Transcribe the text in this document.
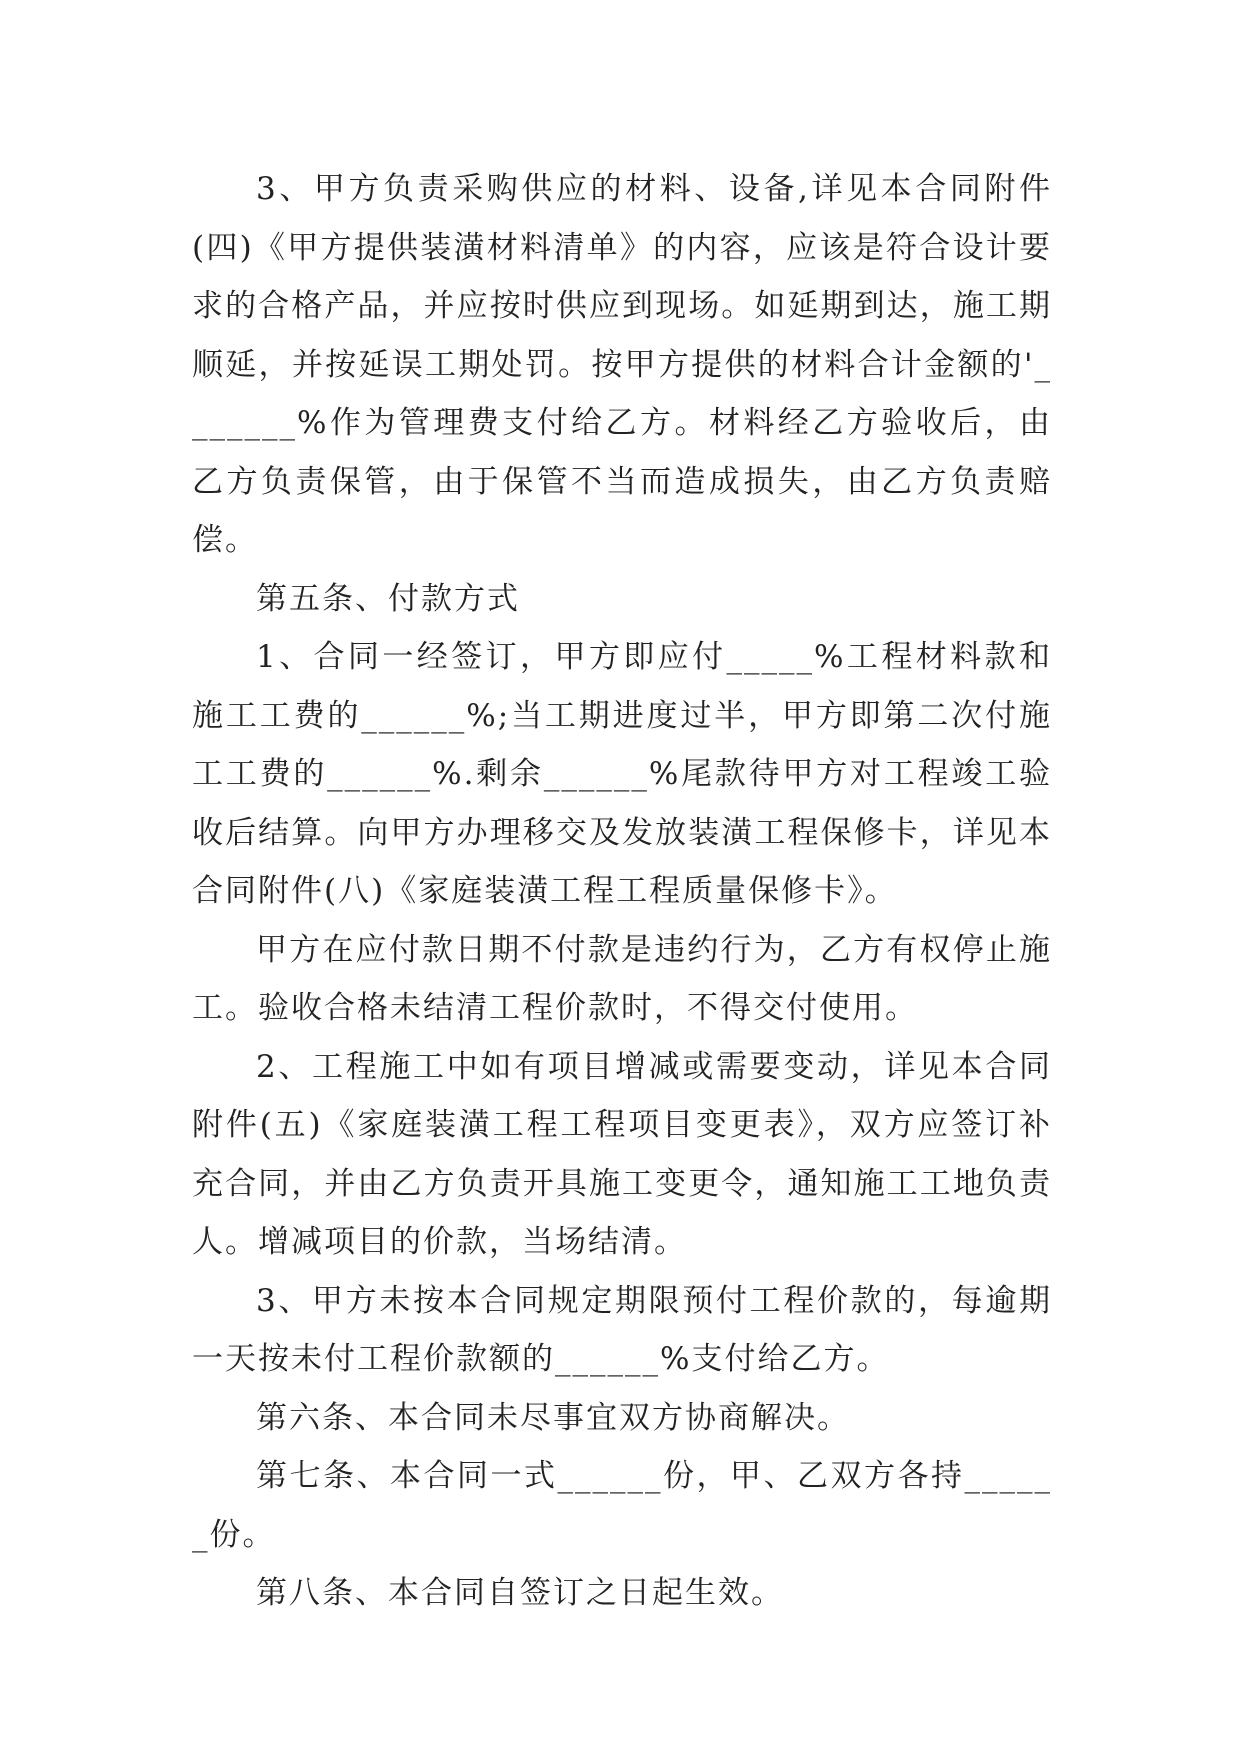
3、甲方负责采购供应的材料、设备,详见本合同附件(四)《甲方提供装潢材料清单》的内容，应该是符合设计要求的合格产品，并应按时供应到现场。如延期到达，施工期顺延，并按延误工期处罚。按甲方提供的材料合计金额的'_______%作为管理费支付给乙方。材料经乙方验收后，由乙方负责保管，由于保管不当而造成损失，由乙方负责赔偿。

第五条、付款方式

1、合同一经签订，甲方即应付_____%工程材料款和施工工费的______%;当工期进度过半，甲方即第二次付施工工费的______%.剩余______%尾款待甲方对工程竣工验收后结算。向甲方办理移交及发放装潢工程保修卡，详见本合同附件(八)《家庭装潢工程工程质量保修卡》。

甲方在应付款日期不付款是违约行为，乙方有权停止施工。验收合格未结清工程价款时，不得交付使用。

2、工程施工中如有项目增减或需要变动，详见本合同附件(五)《家庭装潢工程工程项目变更表》，双方应签订补充合同，并由乙方负责开具施工变更令，通知施工工地负责人。增减项目的价款，当场结清。

3、甲方未按本合同规定期限预付工程价款的，每逾期一天按未付工程价款额的______%支付给乙方。

第六条、本合同未尽事宜双方协商解决。

第七条、本合同一式______份，甲、乙双方各持______份。

第八条、本合同自签订之日起生效。
